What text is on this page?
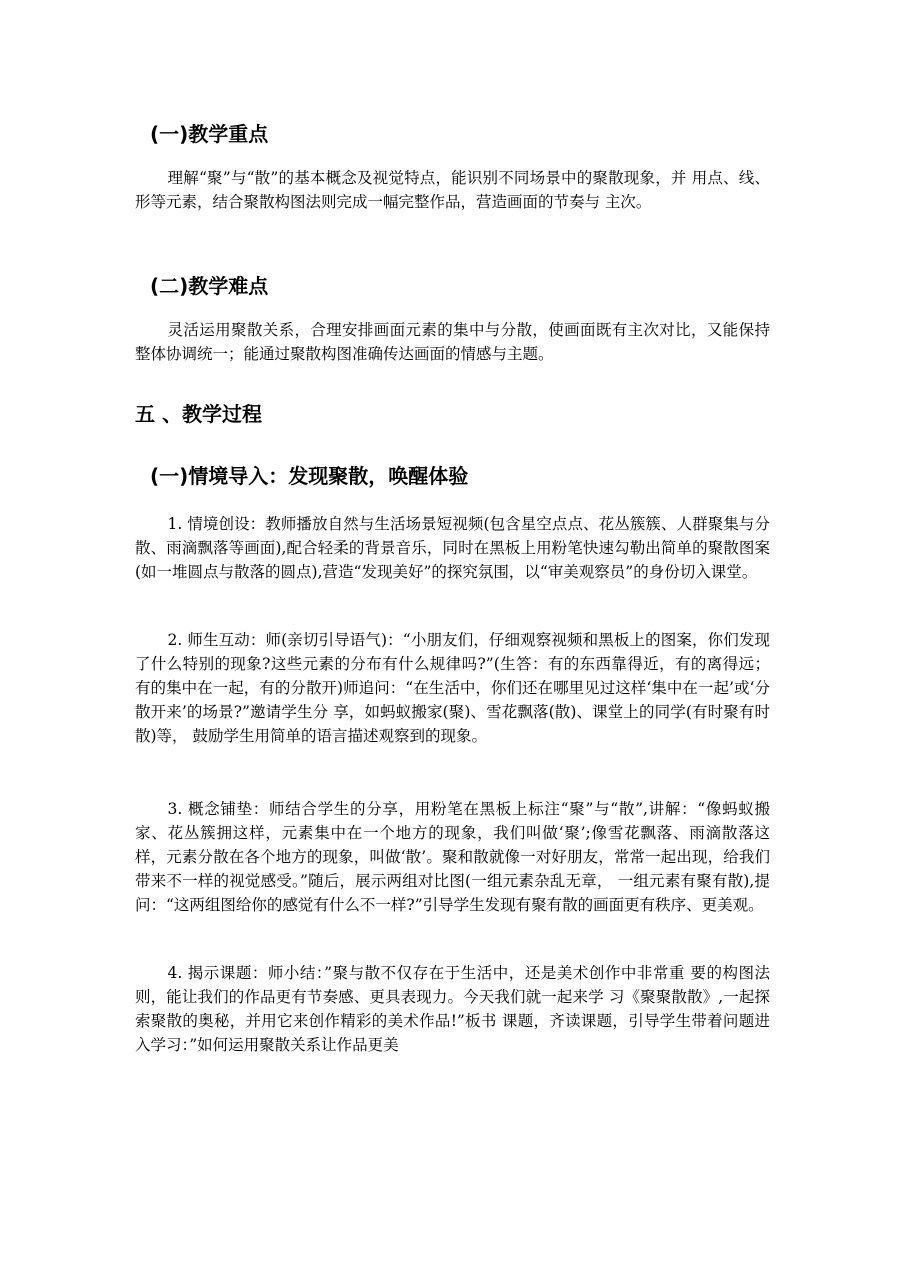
(一)教学重点

理解“聚”与“散”的基本概念及视觉特点，能识别不同场景中的聚散现象，并 用点、线、形等元素，结合聚散构图法则完成一幅完整作品，营造画面的节奏与 主次。

(二)教学难点

灵活运用聚散关系，合理安排画面元素的集中与分散，使画面既有主次对比，又能保持整体协调统一；能通过聚散构图准确传达画面的情感与主题。

五 、教学过程
(一)情境导入：发现聚散，唤醒体验

1. 情境创设：教师播放自然与生活场景短视频(包含星空点点、花丛簇簇、人群聚集与分散、雨滴飘落等画面),配合轻柔的背景音乐，同时在黑板上用粉笔快速勾勒出简单的聚散图案(如一堆圆点与散落的圆点),营造“发现美好”的探究氛围，以“审美观察员”的身份切入课堂。

2. 师生互动：师(亲切引导语气)：“小朋友们，仔细观察视频和黑板上的图案，你们发现了什么特别的现象?这些元素的分布有什么规律吗?”(生答：有的东西靠得近，有的离得远；有的集中在一起，有的分散开)师追问：“在生活中，你们还在哪里见过这样‘集中在一起’或‘分散开来’的场景?”邀请学生分 享，如蚂蚁搬家(聚)、雪花飘落(散)、课堂上的同学(有时聚有时散)等， 鼓励学生用简单的语言描述观察到的现象。

3. 概念铺垫：师结合学生的分享，用粉笔在黑板上标注“聚”与“散”,讲解：“像蚂蚁搬家、花丛簇拥这样，元素集中在一个地方的现象，我们叫做‘聚’;像雪花飘落、雨滴散落这样，元素分散在各个地方的现象，叫做‘散’。聚和散就像一对好朋友，常常一起出现，给我们带来不一样的视觉感受。”随后，展示两组对比图(一组元素杂乱无章， 一组元素有聚有散),提问：“这两组图给你的感觉有什么不一样?”引导学生发现有聚有散的画面更有秩序、更美观。

4. 揭示课题：师小结：”聚与散不仅存在于生活中，还是美术创作中非常重 要的构图法则，能让我们的作品更有节奏感、更具表现力。今天我们就一起来学 习《聚聚散散》,一起探索聚散的奥秘，并用它来创作精彩的美术作品!”板书 课题，齐读课题，引导学生带着问题进入学习：”如何运用聚散关系让作品更美
